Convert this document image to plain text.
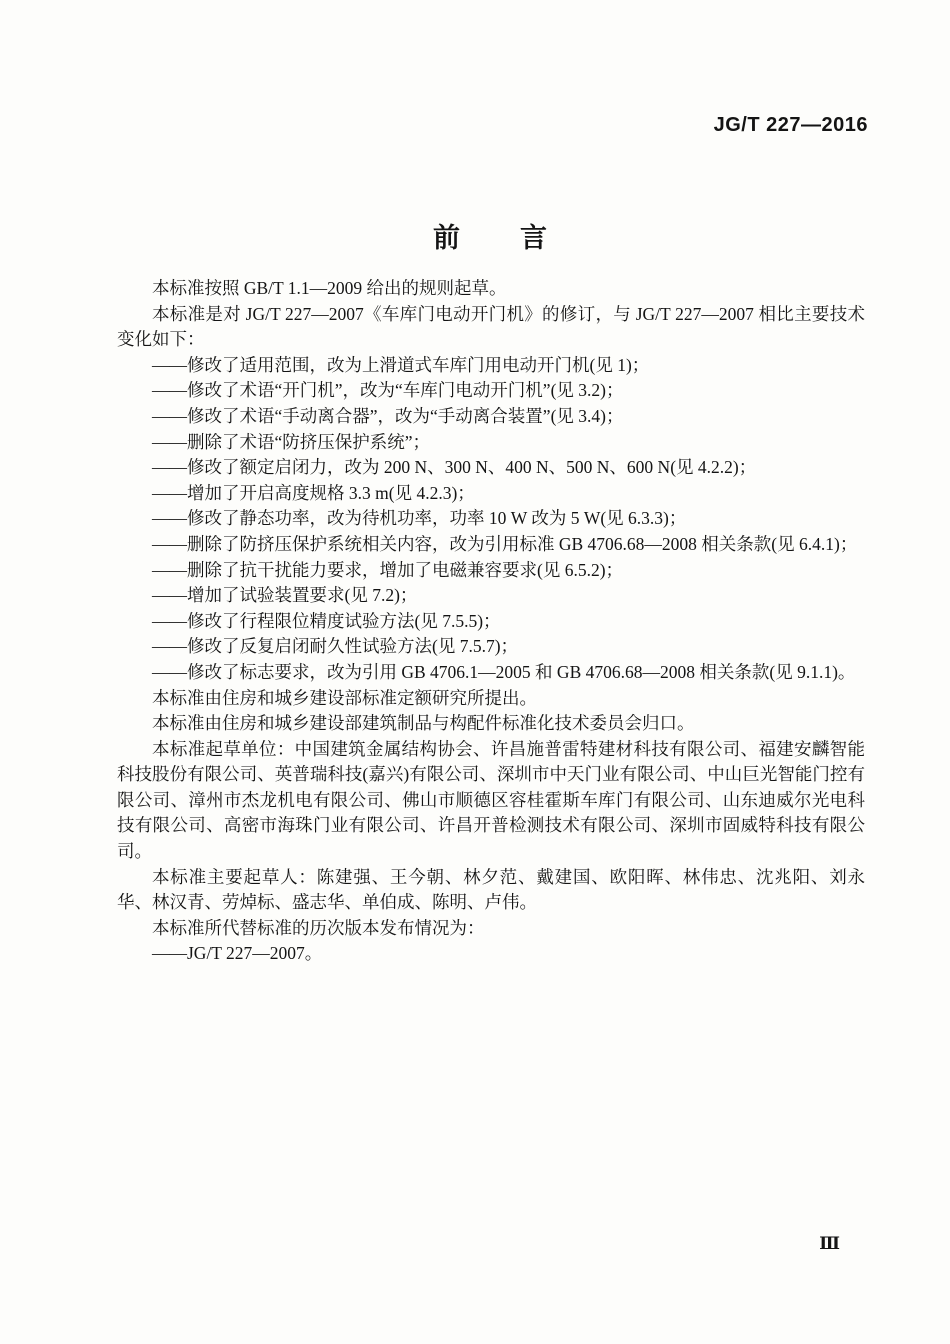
JG/T 227—2016
前　　言

本标准按照 GB/T 1.1—2009 给出的规则起草。

本标准是对 JG/T 227—2007《车库门电动开门机》的修订，与 JG/T 227—2007 相比主要技术变化如下：

——修改了适用范围，改为上滑道式车库门用电动开门机(见 1)；

——修改了术语“开门机”，改为“车库门电动开门机”(见 3.2)；

——修改了术语“手动离合器”，改为“手动离合装置”(见 3.4)；

——删除了术语“防挤压保护系统”；

——修改了额定启闭力，改为 200 N、300 N、400 N、500 N、600 N(见 4.2.2)；

——增加了开启高度规格 3.3 m(见 4.2.3)；

——修改了静态功率，改为待机功率，功率 10 W 改为 5 W(见 6.3.3)；

——删除了防挤压保护系统相关内容，改为引用标准 GB 4706.68—2008 相关条款(见 6.4.1)；

——删除了抗干扰能力要求，增加了电磁兼容要求(见 6.5.2)；

——增加了试验装置要求(见 7.2)；

——修改了行程限位精度试验方法(见 7.5.5)；

——修改了反复启闭耐久性试验方法(见 7.5.7)；

——修改了标志要求，改为引用 GB 4706.1—2005 和 GB 4706.68—2008 相关条款(见 9.1.1)。

本标准由住房和城乡建设部标准定额研究所提出。

本标准由住房和城乡建设部建筑制品与构配件标准化技术委员会归口。

本标准起草单位：中国建筑金属结构协会、许昌施普雷特建材科技有限公司、福建安麟智能科技股份有限公司、英普瑞科技(嘉兴)有限公司、深圳市中天门业有限公司、中山巨光智能门控有限公司、漳州市杰龙机电有限公司、佛山市顺德区容桂霍斯车库门有限公司、山东迪威尔光电科技有限公司、高密市海珠门业有限公司、许昌开普检测技术有限公司、深圳市固威特科技有限公司。

本标准主要起草人：陈建强、王今朝、林夕范、戴建国、欧阳晖、林伟忠、沈兆阳、刘永华、林汉青、劳焯标、盛志华、单伯成、陈明、卢伟。

本标准所代替标准的历次版本发布情况为：

——JG/T 227—2007。

Ⅲ
